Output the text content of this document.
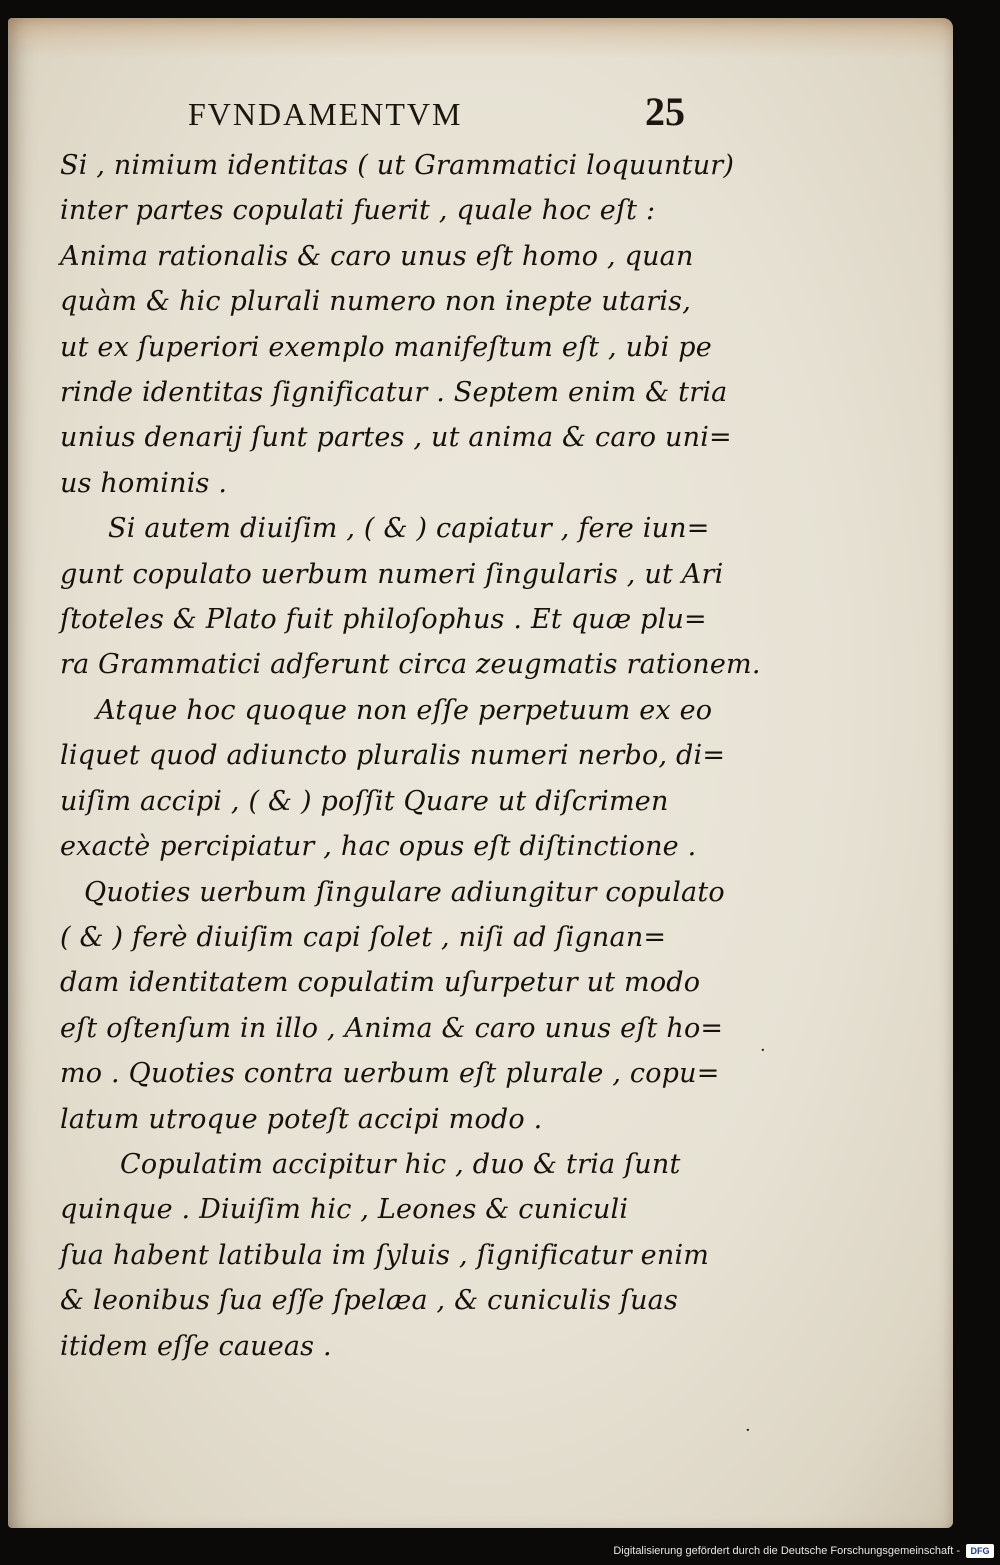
FVNDAMENTVM	25
Si , nimium identitas ( ut Grammatici loquuntur)
inter partes copulati fuerit , quale hoc eſt :
Anima rationalis & caro unus eſt homo , quan
quàm & hic plurali numero non inepte utaris,
ut ex ſuperiori exemplo manifeſtum eſt , ubi pe
rinde identitas ſignificatur . Septem enim & tria
unius denarij ſunt partes , ut anima & caro uni=
us hominis .
Si autem diuiſim , ( & ) capiatur , fere iun=
gunt copulato uerbum numeri ſingularis , ut Ari
ſtoteles & Plato fuit philoſophus . Et quæ plu=
ra Grammatici adferunt circa zeugmatis rationem.
Atque hoc quoque non eſſe perpetuum ex eo
liquet quod adiuncto pluralis numeri nerbo, di=
uiſim accipi , ( & ) poſſit Quare ut diſcrimen
exactè percipiatur , hac opus eſt diſtinctione .
Quoties uerbum ſingulare adiungitur copulato
( & ) ferè diuiſim capi ſolet , niſi ad ſignan=
dam identitatem copulatim uſurpetur ut modo
eſt oſtenſum in illo , Anima & caro unus eſt ho=
mo . Quoties contra uerbum eſt plurale , copu=
latum utroque poteſt accipi modo .
Copulatim accipitur hic , duo & tria ſunt
quinque . Diuiſim hic , Leones & cuniculi
ſua habent latibula im ſyluis , ſignificatur enim
& leonibus ſua eſſe ſpelæa , & cuniculis ſuas
itidem eſſe caueas .
·
·
Digitalisierung gefördert durch die Deutsche Forschungsgemeinschaft -	DFG
